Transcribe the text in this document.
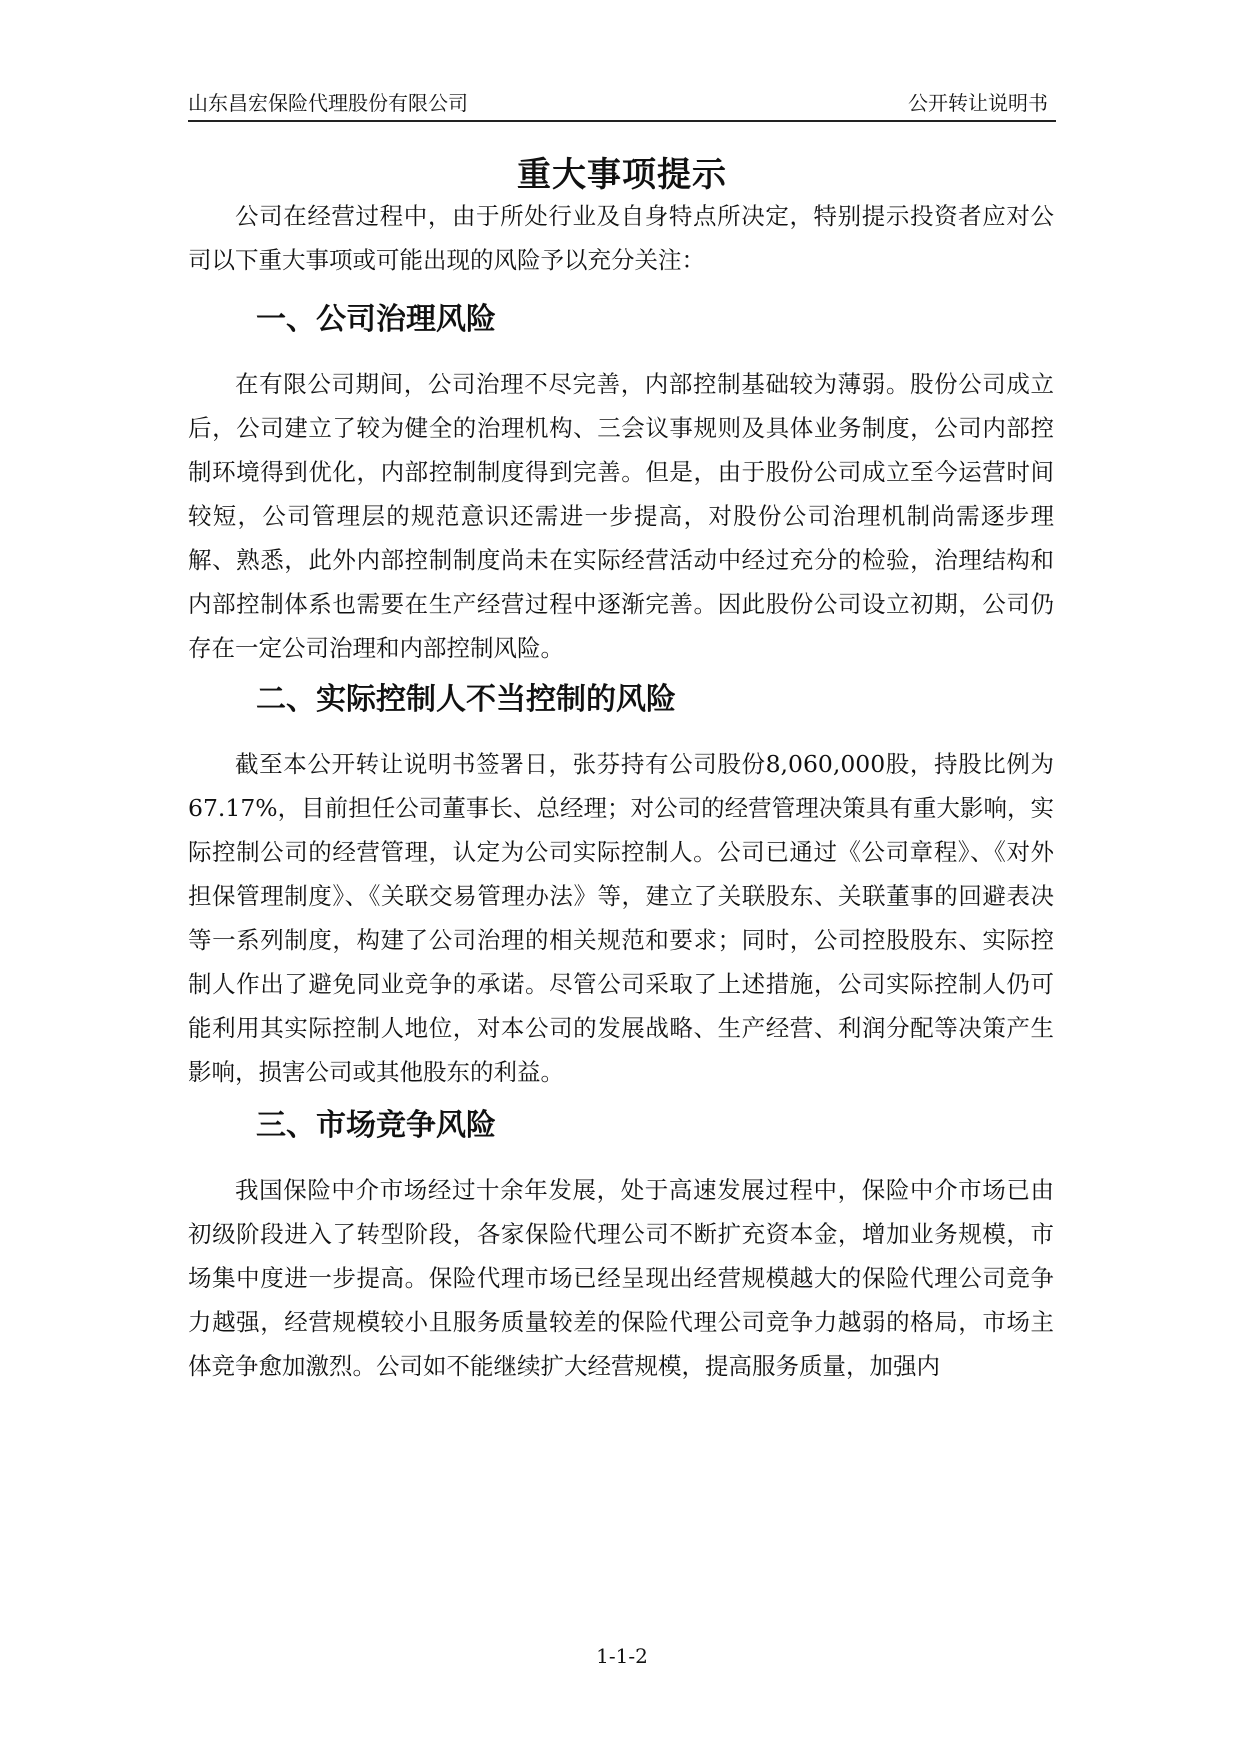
山东昌宏保险代理股份有限公司	公开转让说明书
重大事项提示

公司在经营过程中，由于所处行业及自身特点所决定，特别提示投资者应对公司以下重大事项或可能出现的风险予以充分关注：

一、公司治理风险

在有限公司期间，公司治理不尽完善，内部控制基础较为薄弱。股份公司成立后，公司建立了较为健全的治理机构、三会议事规则及具体业务制度，公司内部控制环境得到优化，内部控制制度得到完善。但是，由于股份公司成立至今运营时间较短，公司管理层的规范意识还需进一步提高，对股份公司治理机制尚需逐步理解、熟悉，此外内部控制制度尚未在实际经营活动中经过充分的检验，治理结构和内部控制体系也需要在生产经营过程中逐渐完善。因此股份公司设立初期，公司仍存在一定公司治理和内部控制风险。

二、实际控制人不当控制的风险

截至本公开转让说明书签署日，张芬持有公司股份8,060,000股，持股比例为67.17%，目前担任公司董事长、总经理；对公司的经营管理决策具有重大影响，实际控制公司的经营管理，认定为公司实际控制人。公司已通过《公司章程》、《对外担保管理制度》、《关联交易管理办法》等，建立了关联股东、关联董事的回避表决等一系列制度，构建了公司治理的相关规范和要求；同时，公司控股股东、实际控制人作出了避免同业竞争的承诺。尽管公司采取了上述措施，公司实际控制人仍可能利用其实际控制人地位，对本公司的发展战略、生产经营、利润分配等决策产生影响，损害公司或其他股东的利益。

三、市场竞争风险

我国保险中介市场经过十余年发展，处于高速发展过程中，保险中介市场已由初级阶段进入了转型阶段，各家保险代理公司不断扩充资本金，增加业务规模，市场集中度进一步提高。保险代理市场已经呈现出经营规模越大的保险代理公司竞争力越强，经营规模较小且服务质量较差的保险代理公司竞争力越弱的格局，市场主体竞争愈加激烈。公司如不能继续扩大经营规模，提高服务质量，加强内

1-1-2
